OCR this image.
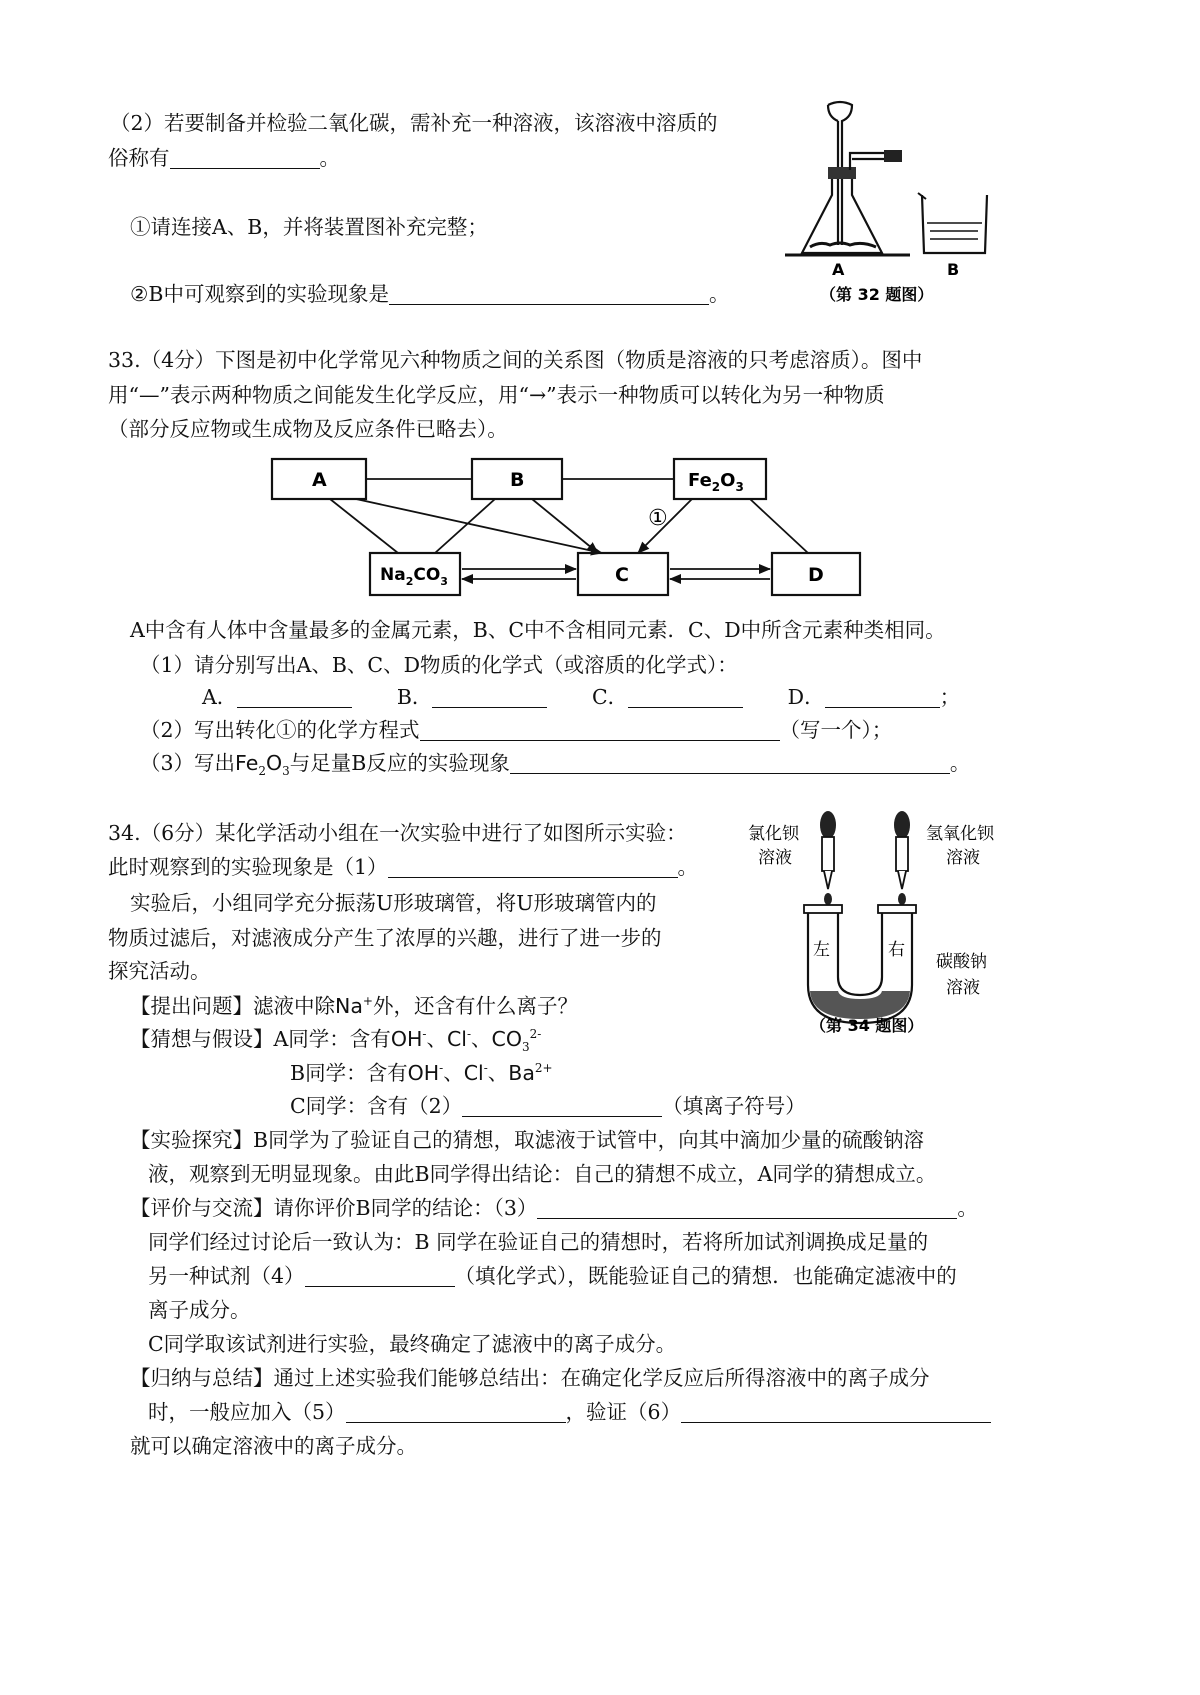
（2）若要制备并检验二氧化碳，需补充一种溶液，该溶液中溶质的
俗称有	。
①请连接A、B，并将装置图补充完整；
②B中可观察到的实验现象是	。
A	B
（第 32 题图）
33.（4分）下图是初中化学常见六种物质之间的关系图（物质是溶液的只考虑溶质）。图中
用“—”表示两种物质之间能发生化学反应，用“→”表示一种物质可以转化为另一种物质
（部分反应物或生成物及反应条件已略去）。
A	B	$Fe_2O_3$
$Na_2CO_3$	C	D
①
A中含有人体中含量最多的金属元素，B、C中不含相同元素．C、D中所含元素种类相同。
（1）请分别写出A、B、C、D物质的化学式（或溶质的化学式）：
A．	B．	C．	D．	；
（2）写出转化①的化学方程式	（写一个）；
（3）写出$Fe_2O_3$与足量B反应的实验现象	。
34.（6分）某化学活动小组在一次实验中进行了如图所示实验：
此时观察到的实验现象是（1）	。
实验后，小组同学充分振荡U形玻璃管，将U形玻璃管内的
物质过滤后，对滤液成分产生了浓厚的兴趣，进行了进一步的
探究活动。
【提出问题】滤液中除Na+外，还含有什么离子？
【猜想与假设】A同学：含有OH-、Cl-、$CO_3^{2-}$
B同学：含有OH-、Cl-、$Ba^{2+}$
C同学：含有（2）	（填离子符号）
【实验探究】B同学为了验证自己的猜想，取滤液于试管中，向其中滴加少量的硫酸钠溶
液，观察到无明显现象。由此B同学得出结论：自己的猜想不成立，A同学的猜想成立。
【评价与交流】请你评价B同学的结论：（3）	。
同学们经过讨论后一致认为：B 同学在验证自己的猜想时，若将所加试剂调换成足量的
另一种试剂（4）	（填化学式），既能验证自己的猜想．也能确定滤液中的
离子成分。
C同学取该试剂进行实验，最终确定了滤液中的离子成分。
【归纳与总结】通过上述实验我们能够总结出：在确定化学反应后所得溶液中的离子成分
时，一般应加入（5）	，验证（6）
就可以确定溶液中的离子成分。
左	右
氯化钡
溶液
氢氧化钡
溶液
碳酸钠
溶液
（第 34 题图）
